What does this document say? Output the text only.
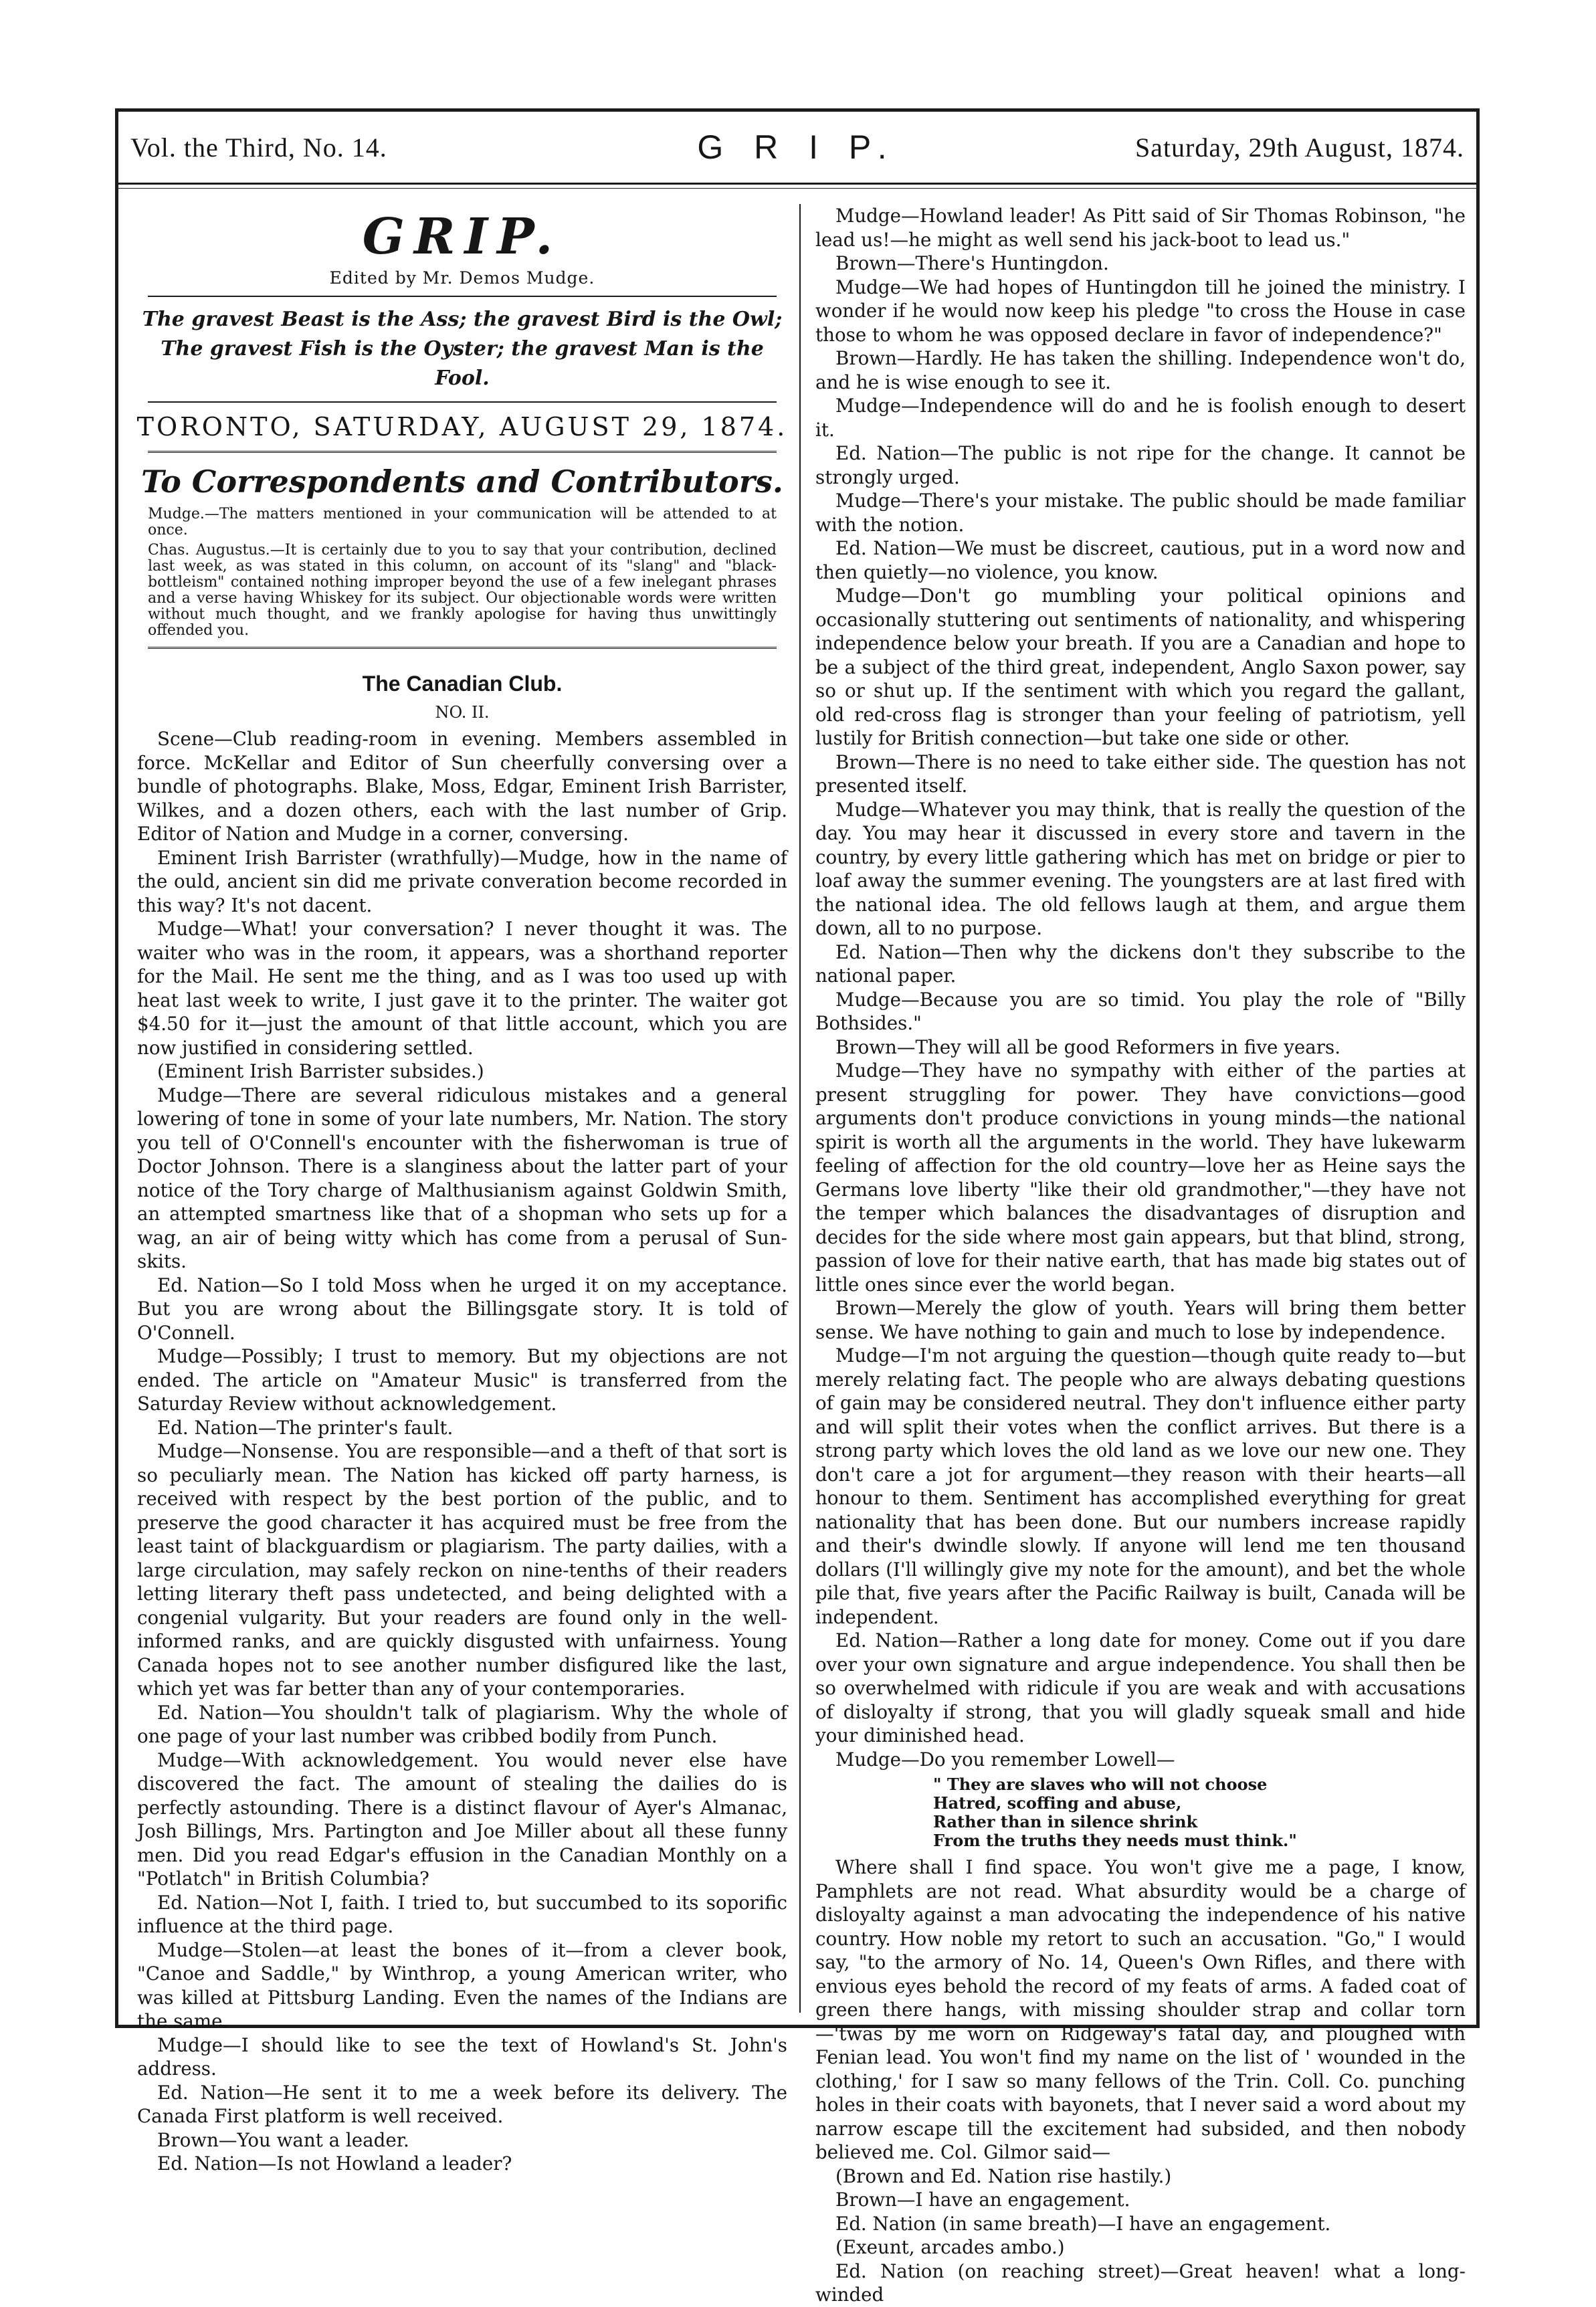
Vol. the Third, No. 14.	G R I P.	Saturday, 29th August, 1874.
GRIP.
Edited by Mr. Demos Mudge.
The gravest Beast is the Ass; the gravest Bird is the Owl;
The gravest Fish is the Oyster; the gravest Man is the Fool.
TORONTO, SATURDAY, AUGUST 29, 1874.
To Correspondents and Contributors.
Mudge.—The matters mentioned in your communication will be attended to at once.
Chas. Augustus.—It is certainly due to you to say that your contribution, declined last week, as was stated in this column, on account of its "slang" and "black-bottleism" contained nothing improper beyond the use of a few inelegant phrases and a verse having Whiskey for its subject. Our objectionable words were written without much thought, and we frankly apologise for having thus unwittingly offended you.
The Canadian Club.
NO. II.

Scene—Club reading-room in evening. Members assembled in force. McKellar and Editor of Sun cheerfully conversing over a bundle of photographs. Blake, Moss, Edgar, Eminent Irish Barrister, Wilkes, and a dozen others, each with the last number of Grip. Editor of Nation and Mudge in a corner, conversing.

Eminent Irish Barrister (wrathfully)—Mudge, how in the name of the ould, ancient sin did me private converation become recorded in this way? It's not dacent.

Mudge—What! your conversation? I never thought it was. The waiter who was in the room, it appears, was a shorthand reporter for the Mail. He sent me the thing, and as I was too used up with heat last week to write, I just gave it to the printer. The waiter got $4.50 for it—just the amount of that little account, which you are now justified in considering settled.

(Eminent Irish Barrister subsides.)

Mudge—There are several ridiculous mistakes and a general lowering of tone in some of your late numbers, Mr. Nation. The story you tell of O'Connell's encounter with the fisherwoman is true of Doctor Johnson. There is a slanginess about the latter part of your notice of the Tory charge of Malthusianism against Goldwin Smith, an attempted smartness like that of a shopman who sets up for a wag, an air of being witty which has come from a perusal of Sun-skits.

Ed. Nation—So I told Moss when he urged it on my acceptance. But you are wrong about the Billingsgate story. It is told of O'Connell.

Mudge—Possibly; I trust to memory. But my objections are not ended. The article on "Amateur Music" is transferred from the Saturday Review without acknowledgement.

Ed. Nation—The printer's fault.

Mudge—Nonsense. You are responsible—and a theft of that sort is so peculiarly mean. The Nation has kicked off party harness, is received with respect by the best portion of the public, and to preserve the good character it has acquired must be free from the least taint of blackguardism or plagiarism. The party dailies, with a large circulation, may safely reckon on nine-tenths of their readers letting literary theft pass undetected, and being delighted with a congenial vulgarity. But your readers are found only in the well-informed ranks, and are quickly disgusted with unfairness. Young Canada hopes not to see another number disfigured like the last, which yet was far better than any of your contemporaries.

Ed. Nation—You shouldn't talk of plagiarism. Why the whole of one page of your last number was cribbed bodily from Punch.

Mudge—With acknowledgement. You would never else have discovered the fact. The amount of stealing the dailies do is perfectly astounding. There is a distinct flavour of Ayer's Almanac, Josh Billings, Mrs. Partington and Joe Miller about all these funny men. Did you read Edgar's effusion in the Canadian Monthly on a "Potlatch" in British Columbia?

Ed. Nation—Not I, faith. I tried to, but succumbed to its soporific influence at the third page.

Mudge—Stolen—at least the bones of it—from a clever book, "Canoe and Saddle," by Winthrop, a young American writer, who was killed at Pittsburg Landing. Even the names of the Indians are the same.

Mudge—I should like to see the text of Howland's St. John's address.

Ed. Nation—He sent it to me a week before its delivery. The Canada First platform is well received.

Brown—You want a leader.

Ed. Nation—Is not Howland a leader?

Mudge—Howland leader! As Pitt said of Sir Thomas Robinson, "he lead us!—he might as well send his jack-boot to lead us."

Brown—There's Huntingdon.

Mudge—We had hopes of Huntingdon till he joined the ministry. I wonder if he would now keep his pledge "to cross the House in case those to whom he was opposed declare in favor of independence?"

Brown—Hardly. He has taken the shilling. Independence won't do, and he is wise enough to see it.

Mudge—Independence will do and he is foolish enough to desert it.

Ed. Nation—The public is not ripe for the change. It cannot be strongly urged.

Mudge—There's your mistake. The public should be made familiar with the notion.

Ed. Nation—We must be discreet, cautious, put in a word now and then quietly—no violence, you know.

Mudge—Don't go mumbling your political opinions and occasionally stuttering out sentiments of nationality, and whispering independence below your breath. If you are a Canadian and hope to be a subject of the third great, independent, Anglo Saxon power, say so or shut up. If the sentiment with which you regard the gallant, old red-cross flag is stronger than your feeling of patriotism, yell lustily for British connection—but take one side or other.

Brown—There is no need to take either side. The question has not presented itself.

Mudge—Whatever you may think, that is really the question of the day. You may hear it discussed in every store and tavern in the country, by every little gathering which has met on bridge or pier to loaf away the summer evening. The youngsters are at last fired with the national idea. The old fellows laugh at them, and argue them down, all to no purpose.

Ed. Nation—Then why the dickens don't they subscribe to the national paper.

Mudge—Because you are so timid. You play the role of "Billy Bothsides."

Brown—They will all be good Reformers in five years.

Mudge—They have no sympathy with either of the parties at present struggling for power. They have convictions—good arguments don't produce convictions in young minds—the national spirit is worth all the arguments in the world. They have lukewarm feeling of affection for the old country—love her as Heine says the Germans love liberty "like their old grandmother,"—they have not the temper which balances the disadvantages of disruption and decides for the side where most gain appears, but that blind, strong, passion of love for their native earth, that has made big states out of little ones since ever the world began.

Brown—Merely the glow of youth. Years will bring them better sense. We have nothing to gain and much to lose by independence.

Mudge—I'm not arguing the question—though quite ready to—but merely relating fact. The people who are always debating questions of gain may be considered neutral. They don't influence either party and will split their votes when the conflict arrives. But there is a strong party which loves the old land as we love our new one. They don't care a jot for argument—they reason with their hearts—all honour to them. Sentiment has accomplished everything for great nationality that has been done. But our numbers increase rapidly and their's dwindle slowly. If anyone will lend me ten thousand dollars (I'll willingly give my note for the amount), and bet the whole pile that, five years after the Pacific Railway is built, Canada will be independent.

Ed. Nation—Rather a long date for money. Come out if you dare over your own signature and argue independence. You shall then be so overwhelmed with ridicule if you are weak and with accusations of disloyalty if strong, that you will gladly squeak small and hide your diminished head.

Mudge—Do you remember Lowell—

" They are slaves who will not choose
Hatred, scoffing and abuse,
Rather than in silence shrink
From the truths they needs must think."

Where shall I find space. You won't give me a page, I know, Pamphlets are not read. What absurdity would be a charge of disloyalty against a man advocating the independence of his native country. How noble my retort to such an accusation. "Go," I would say, "to the armory of No. 14, Queen's Own Rifles, and there with envious eyes behold the record of my feats of arms. A faded coat of green there hangs, with missing shoulder strap and collar torn—'twas by me worn on Ridgeway's fatal day, and ploughed with Fenian lead. You won't find my name on the list of ' wounded in the clothing,' for I saw so many fellows of the Trin. Coll. Co. punching holes in their coats with bayonets, that I never said a word about my narrow escape till the excitement had subsided, and then nobody believed me. Col. Gilmor said—

(Brown and Ed. Nation rise hastily.)

Brown—I have an engagement.

Ed. Nation (in same breath)—I have an engagement.

(Exeunt, arcades ambo.)

Ed. Nation (on reaching street)—Great heaven! what a long-winded
